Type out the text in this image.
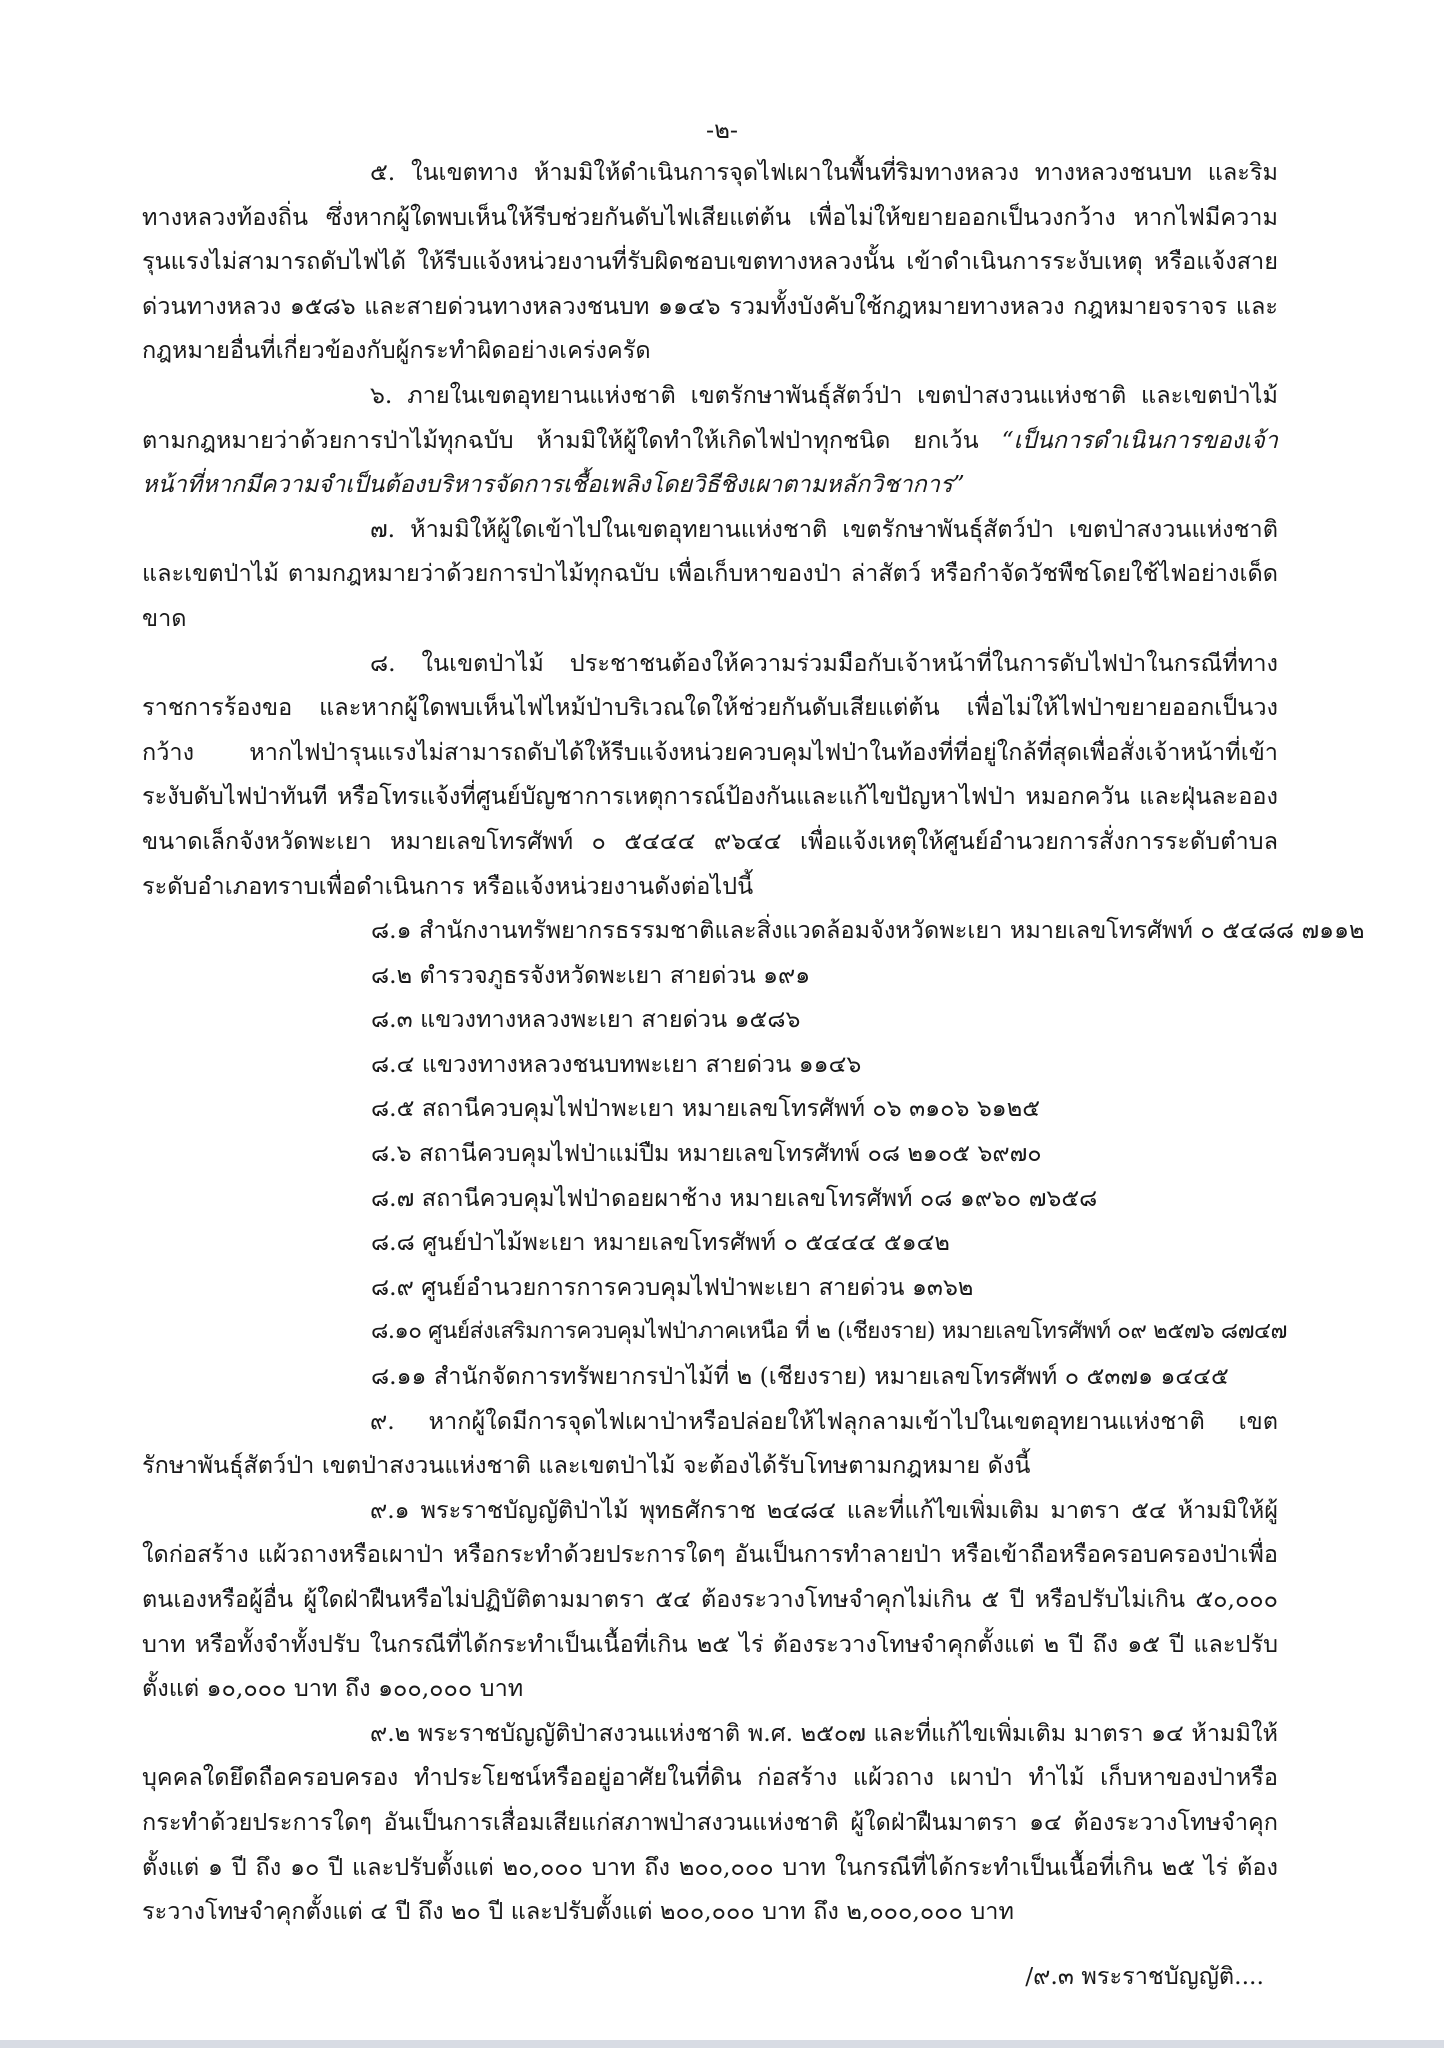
-๒-

๕. ในเขตทาง ห้ามมิให้ดำเนินการจุดไฟเผาในพื้นที่ริมทางหลวง ทางหลวงชนบท และริมทางหลวงท้องถิ่น ซึ่งหากผู้ใดพบเห็นให้รีบช่วยกันดับไฟเสียแต่ต้น เพื่อไม่ให้ขยายออกเป็นวงกว้าง หากไฟมีความรุนแรงไม่สามารถดับไฟได้ ให้รีบแจ้งหน่วยงานที่รับผิดชอบเขตทางหลวงนั้น เข้าดำเนินการระงับเหตุ หรือแจ้งสายด่วนทางหลวง ๑๕๘๖ และสายด่วนทางหลวงชนบท ๑๑๔๖ รวมทั้งบังคับใช้กฎหมายทางหลวง กฎหมายจราจร และกฎหมายอื่นที่เกี่ยวข้องกับผู้กระทำผิดอย่างเคร่งครัด

๖. ภายในเขตอุทยานแห่งชาติ เขตรักษาพันธุ์สัตว์ป่า เขตป่าสงวนแห่งชาติ และเขตป่าไม้ตามกฎหมายว่าด้วยการป่าไม้ทุกฉบับ ห้ามมิให้ผู้ใดทำให้เกิดไฟป่าทุกชนิด ยกเว้น “เป็นการดำเนินการของเจ้าหน้าที่หากมีความจำเป็นต้องบริหารจัดการเชื้อเพลิงโดยวิธีชิงเผาตามหลักวิชาการ”

๗. ห้ามมิให้ผู้ใดเข้าไปในเขตอุทยานแห่งชาติ เขตรักษาพันธุ์สัตว์ป่า เขตป่าสงวนแห่งชาติ และเขตป่าไม้ ตามกฎหมายว่าด้วยการป่าไม้ทุกฉบับ เพื่อเก็บหาของป่า ล่าสัตว์ หรือกำจัดวัชพืชโดยใช้ไฟอย่างเด็ดขาด

๘. ในเขตป่าไม้ ประชาชนต้องให้ความร่วมมือกับเจ้าหน้าที่ในการดับไฟป่าในกรณีที่ทางราชการร้องขอ และหากผู้ใดพบเห็นไฟไหม้ป่าบริเวณใดให้ช่วยกันดับเสียแต่ต้น เพื่อไม่ให้ไฟป่าขยายออกเป็นวงกว้าง หากไฟป่ารุนแรงไม่สามารถดับได้ให้รีบแจ้งหน่วยควบคุมไฟป่าในท้องที่ที่อยู่ใกล้ที่สุดเพื่อสั่งเจ้าหน้าที่เข้าระงับดับไฟป่าทันที หรือโทรแจ้งที่ศูนย์บัญชาการเหตุการณ์ป้องกันและแก้ไขปัญหาไฟป่า หมอกควัน และฝุ่นละอองขนาดเล็กจังหวัดพะเยา หมายเลขโทรศัพท์ ๐ ๕๔๔๔ ๙๖๔๔ เพื่อแจ้งเหตุให้ศูนย์อำนวยการสั่งการระดับตำบล ระดับอำเภอทราบเพื่อดำเนินการ หรือแจ้งหน่วยงานดังต่อไปนี้

๘.๑ สำนักงานทรัพยากรธรรมชาติและสิ่งแวดล้อมจังหวัดพะเยา หมายเลขโทรศัพท์ ๐ ๕๔๘๘ ๗๑๑๒

๘.๒ ตำรวจภูธรจังหวัดพะเยา สายด่วน ๑๙๑

๘.๓ แขวงทางหลวงพะเยา สายด่วน ๑๕๘๖

๘.๔ แขวงทางหลวงชนบทพะเยา สายด่วน ๑๑๔๖

๘.๕ สถานีควบคุมไฟป่าพะเยา หมายเลขโทรศัพท์ ๐๖ ๓๑๐๖ ๖๑๒๕

๘.๖ สถานีควบคุมไฟป่าแม่ปืม หมายเลขโทรศัทพ์ ๐๘ ๒๑๐๕ ๖๙๗๐

๘.๗ สถานีควบคุมไฟป่าดอยผาช้าง หมายเลขโทรศัพท์ ๐๘ ๑๙๖๐ ๗๖๕๘

๘.๘ ศูนย์ป่าไม้พะเยา หมายเลขโทรศัพท์ ๐ ๕๔๔๔ ๕๑๔๒

๘.๙ ศูนย์อำนวยการการควบคุมไฟป่าพะเยา สายด่วน ๑๓๖๒

๘.๑๐ ศูนย์ส่งเสริมการควบคุมไฟป่าภาคเหนือ ที่ ๒ (เชียงราย) หมายเลขโทรศัพท์ ๐๙ ๒๕๗๖ ๘๗๔๗

๘.๑๑ สำนักจัดการทรัพยากรป่าไม้ที่ ๒ (เชียงราย) หมายเลขโทรศัพท์ ๐ ๕๓๗๑ ๑๔๔๕

๙. หากผู้ใดมีการจุดไฟเผาป่าหรือปล่อยให้ไฟลุกลามเข้าไปในเขตอุทยานแห่งชาติ เขตรักษาพันธุ์สัตว์ป่า เขตป่าสงวนแห่งชาติ และเขตป่าไม้ จะต้องได้รับโทษตามกฎหมาย ดังนี้

๙.๑ พระราชบัญญัติป่าไม้ พุทธศักราช ๒๔๘๔ และที่แก้ไขเพิ่มเติม มาตรา ๕๔ ห้ามมิให้ผู้ใดก่อสร้าง แผ้วถางหรือเผาป่า หรือกระทำด้วยประการใดๆ อันเป็นการทำลายป่า หรือเข้าถือหรือครอบครองป่าเพื่อตนเองหรือผู้อื่น ผู้ใดฝ่าฝืนหรือไม่ปฏิบัติตามมาตรา ๕๔ ต้องระวางโทษจำคุกไม่เกิน ๕ ปี หรือปรับไม่เกิน ๕๐,๐๐๐ บาท หรือทั้งจำทั้งปรับ ในกรณีที่ได้กระทำเป็นเนื้อที่เกิน ๒๕ ไร่ ต้องระวางโทษจำคุกตั้งแต่ ๒ ปี ถึง ๑๕ ปี และปรับตั้งแต่ ๑๐,๐๐๐ บาท ถึง ๑๐๐,๐๐๐ บาท

๙.๒ พระราชบัญญัติป่าสงวนแห่งชาติ พ.ศ. ๒๕๐๗ และที่แก้ไขเพิ่มเติม มาตรา ๑๔ ห้ามมิให้บุคคลใดยึดถือครอบครอง ทำประโยชน์หรืออยู่อาศัยในที่ดิน ก่อสร้าง แผ้วถาง เผาป่า ทำไม้ เก็บหาของป่าหรือกระทำด้วยประการใดๆ อันเป็นการเสื่อมเสียแก่สภาพป่าสงวนแห่งชาติ ผู้ใดฝ่าฝืนมาตรา ๑๔ ต้องระวางโทษจำคุกตั้งแต่ ๑ ปี ถึง ๑๐ ปี และปรับตั้งแต่ ๒๐,๐๐๐ บาท ถึง ๒๐๐,๐๐๐ บาท ในกรณีที่ได้กระทำเป็นเนื้อที่เกิน ๒๕ ไร่ ต้องระวางโทษจำคุกตั้งแต่ ๔ ปี ถึง ๒๐ ปี และปรับตั้งแต่ ๒๐๐,๐๐๐ บาท ถึง ๒,๐๐๐,๐๐๐ บาท

/๙.๓ พระราชบัญญัติ....
